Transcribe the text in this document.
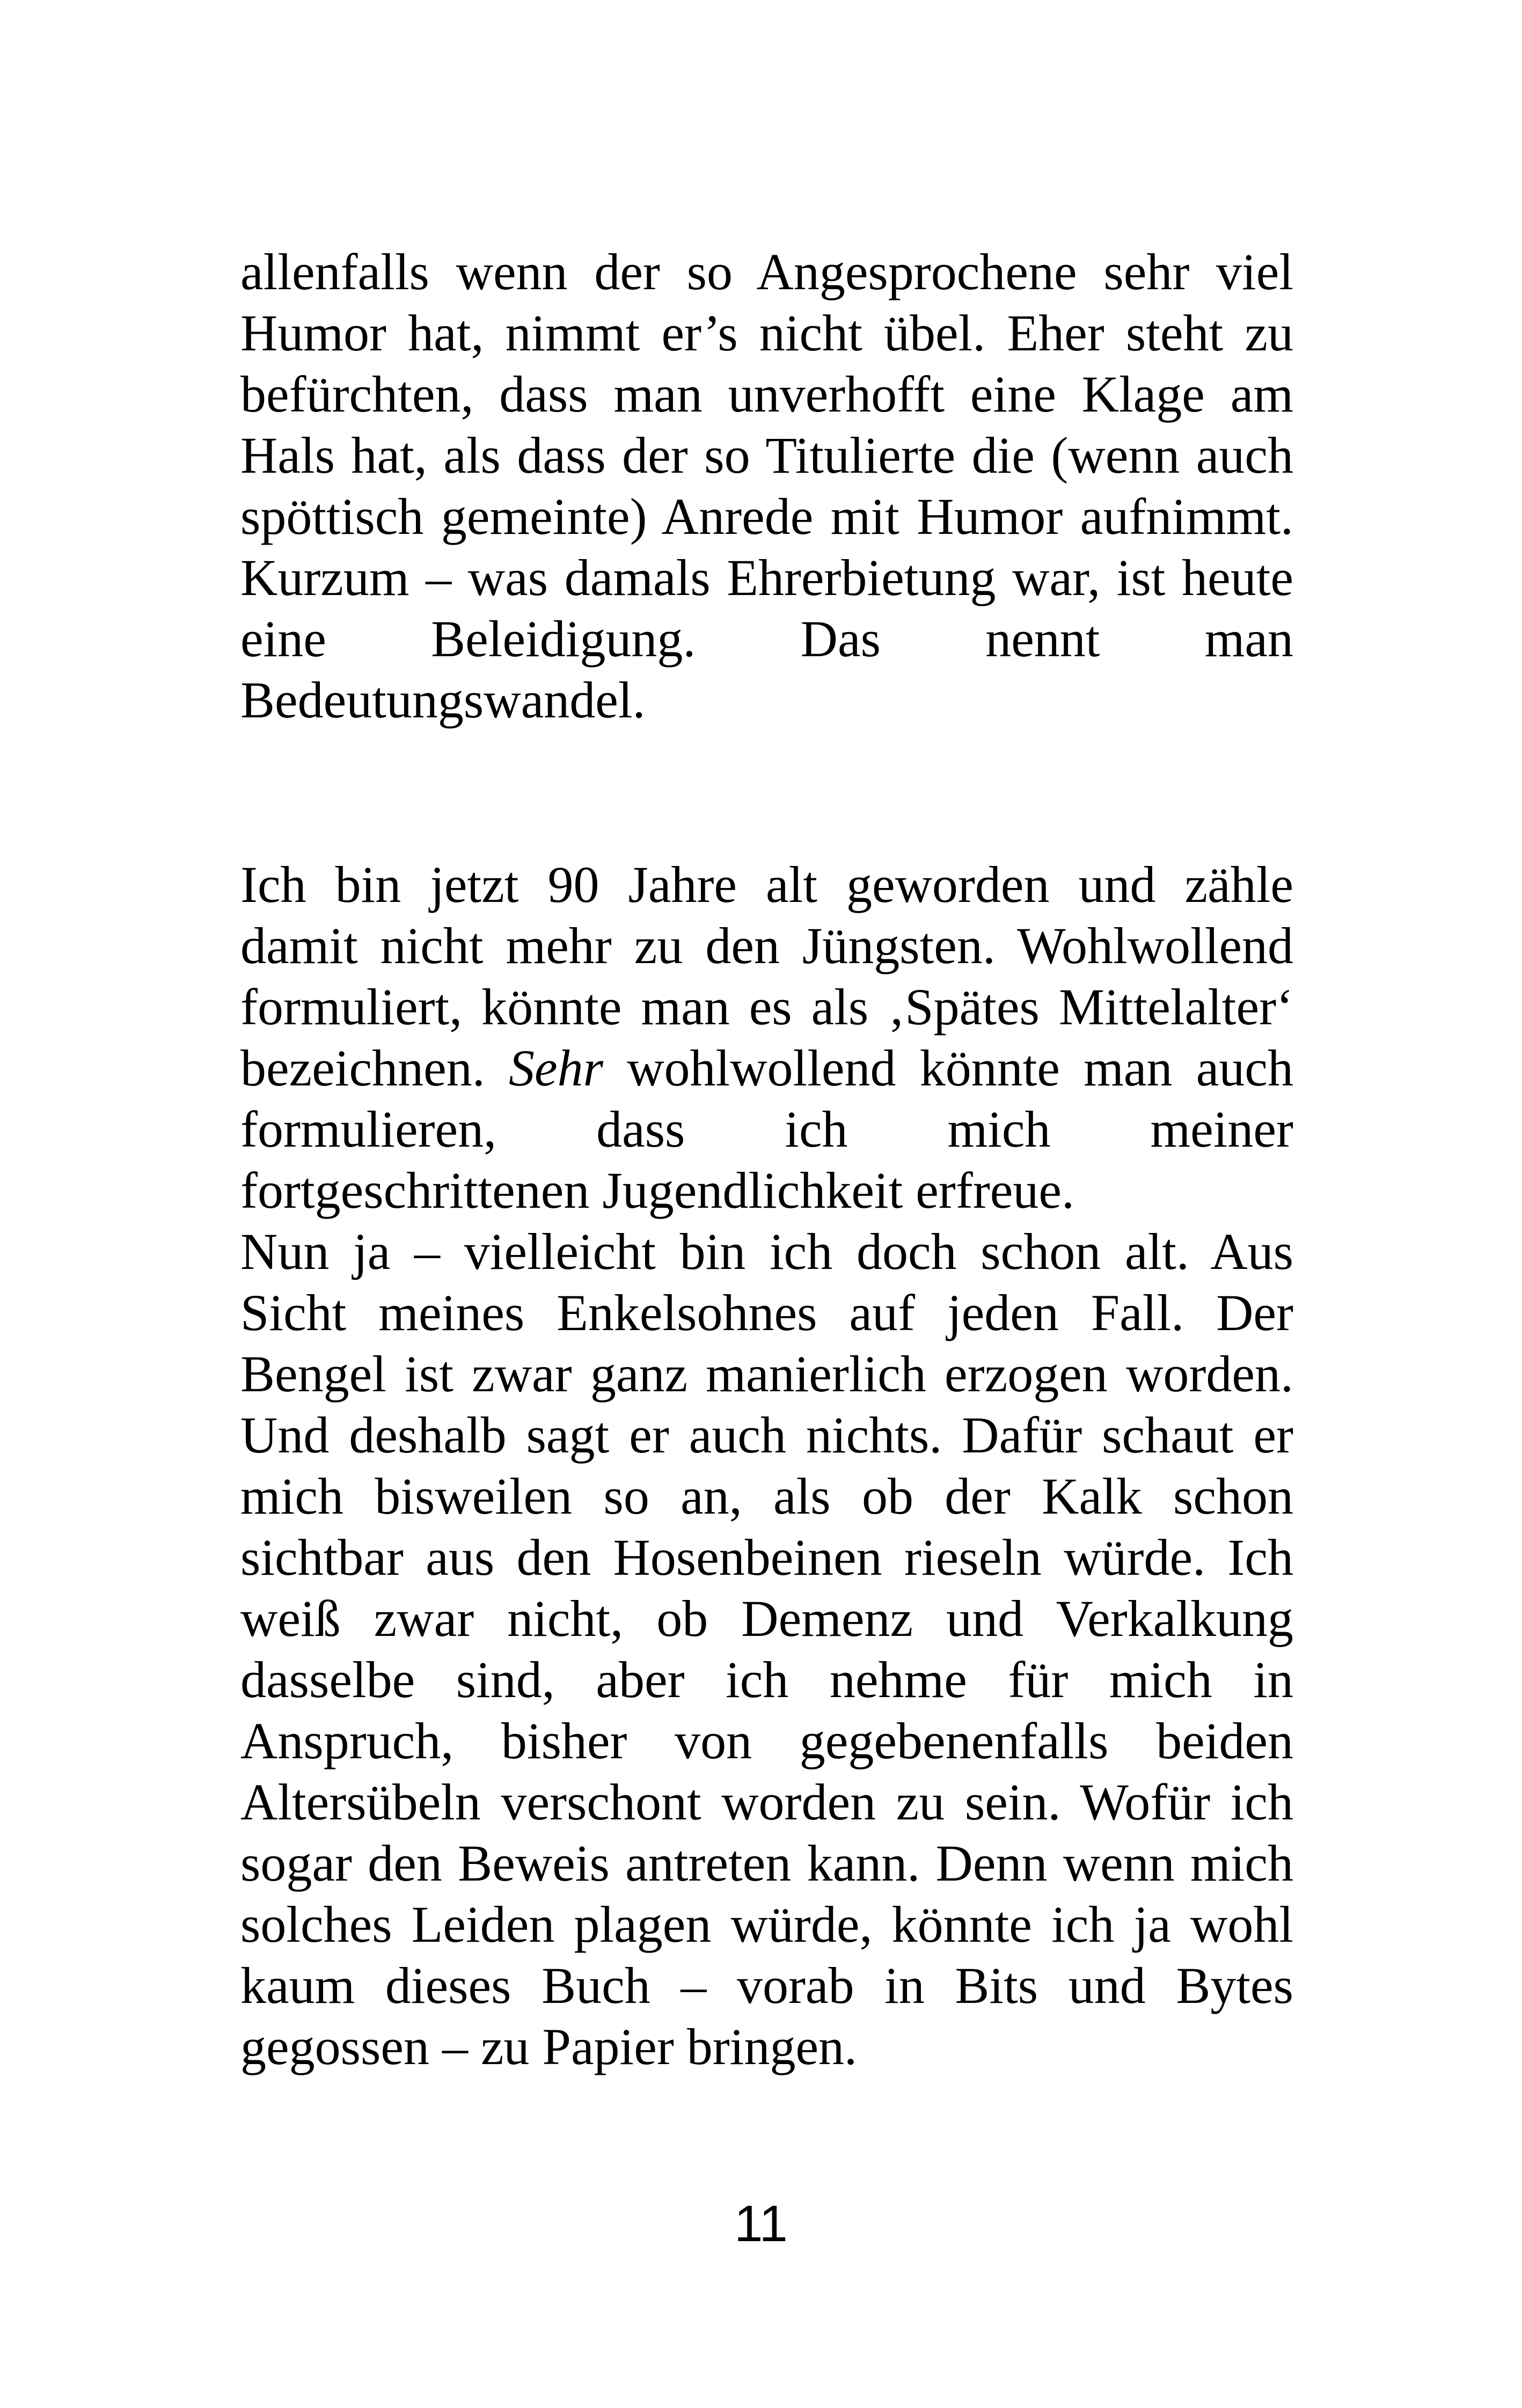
allenfalls wenn der so Angesprochene sehr viel
Humor hat, nimmt er’s nicht übel. Eher steht zu
befürchten, dass man unverhofft eine Klage am
Hals hat, als dass der so Titulierte die (wenn auch
spöttisch gemeinte) Anrede mit Humor aufnimmt.
Kurzum – was damals Ehrerbietung war, ist heute
eine Beleidigung. Das nennt man
Bedeutungswandel.
Ich bin jetzt 90 Jahre alt geworden und zähle
damit nicht mehr zu den Jüngsten. Wohlwollend
formuliert, könnte man es als ‚Spätes Mittelalter‘
bezeichnen. Sehr wohlwollend könnte man auch
formulieren, dass ich mich meiner
fortgeschrittenen Jugendlichkeit erfreue.
Nun ja – vielleicht bin ich doch schon alt. Aus
Sicht meines Enkelsohnes auf jeden Fall. Der
Bengel ist zwar ganz manierlich erzogen worden.
Und deshalb sagt er auch nichts. Dafür schaut er
mich bisweilen so an, als ob der Kalk schon
sichtbar aus den Hosenbeinen rieseln würde. Ich
weiß zwar nicht, ob Demenz und Verkalkung
dasselbe sind, aber ich nehme für mich in
Anspruch, bisher von gegebenenfalls beiden
Altersübeln verschont worden zu sein. Wofür ich
sogar den Beweis antreten kann. Denn wenn mich
solches Leiden plagen würde, könnte ich ja wohl
kaum dieses Buch – vorab in Bits und Bytes
gegossen – zu Papier bringen.
11
